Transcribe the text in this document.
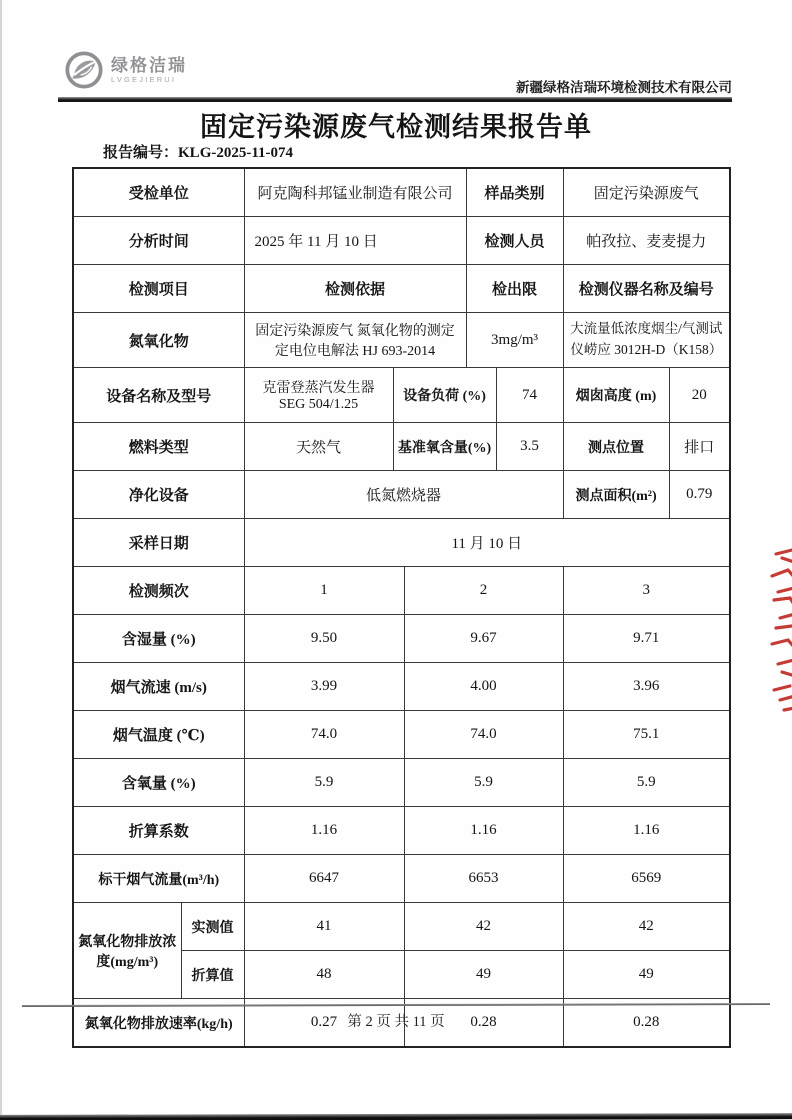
绿格洁瑞
LVGEJIERUI
新疆绿格洁瑞环境检测技术有限公司
固定污染源废气检测结果报告单
报告编号：KLG-2025-11-074
受检单位		阿克陶科邦锰业制造有限公司			样品类别		固定污染源废气	
分析时间		2025 年 11 月 10 日			检测人员		帕孜拉、麦麦提力	
检测项目		检测依据			检出限		检测仪器名称及编号	
氮氧化物		固定污染源废气 氮氧化物的测定 定电位电解法 HJ 693-2014			3mg/m³		大流量低浓度烟尘/气测试仪崂应 3012H-D（K158）	
设备名称及型号		克雷登蒸汽发生器 SEG 504/1.25	设备负荷 (%)			74	烟囱高度 (m)	20
燃料类型		天然气	基准氧含量(%)			3.5	测点位置	排口
净化设备		低氮燃烧器					测点面积(m²)	0.79
采样日期		11 月 10 日						
检测频次		1		2			3	
含湿量 (%)		9.50		9.67			9.71	
烟气流速 (m/s)		3.99		4.00			3.96	
烟气温度 (℃)		74.0		74.0			75.1	
含氧量 (%)		5.9		5.9			5.9	
折算系数		1.16		1.16			1.16	
标干烟气流量(m³/h)		6647		6653			6569	
氮氧化物排放浓度(mg/m³)	实测值	41		42			42	
	折算值	48		49			49	
氮氧化物排放速率(kg/h)		0.27		0.28			0.28	
第 2 页 共 11 页
